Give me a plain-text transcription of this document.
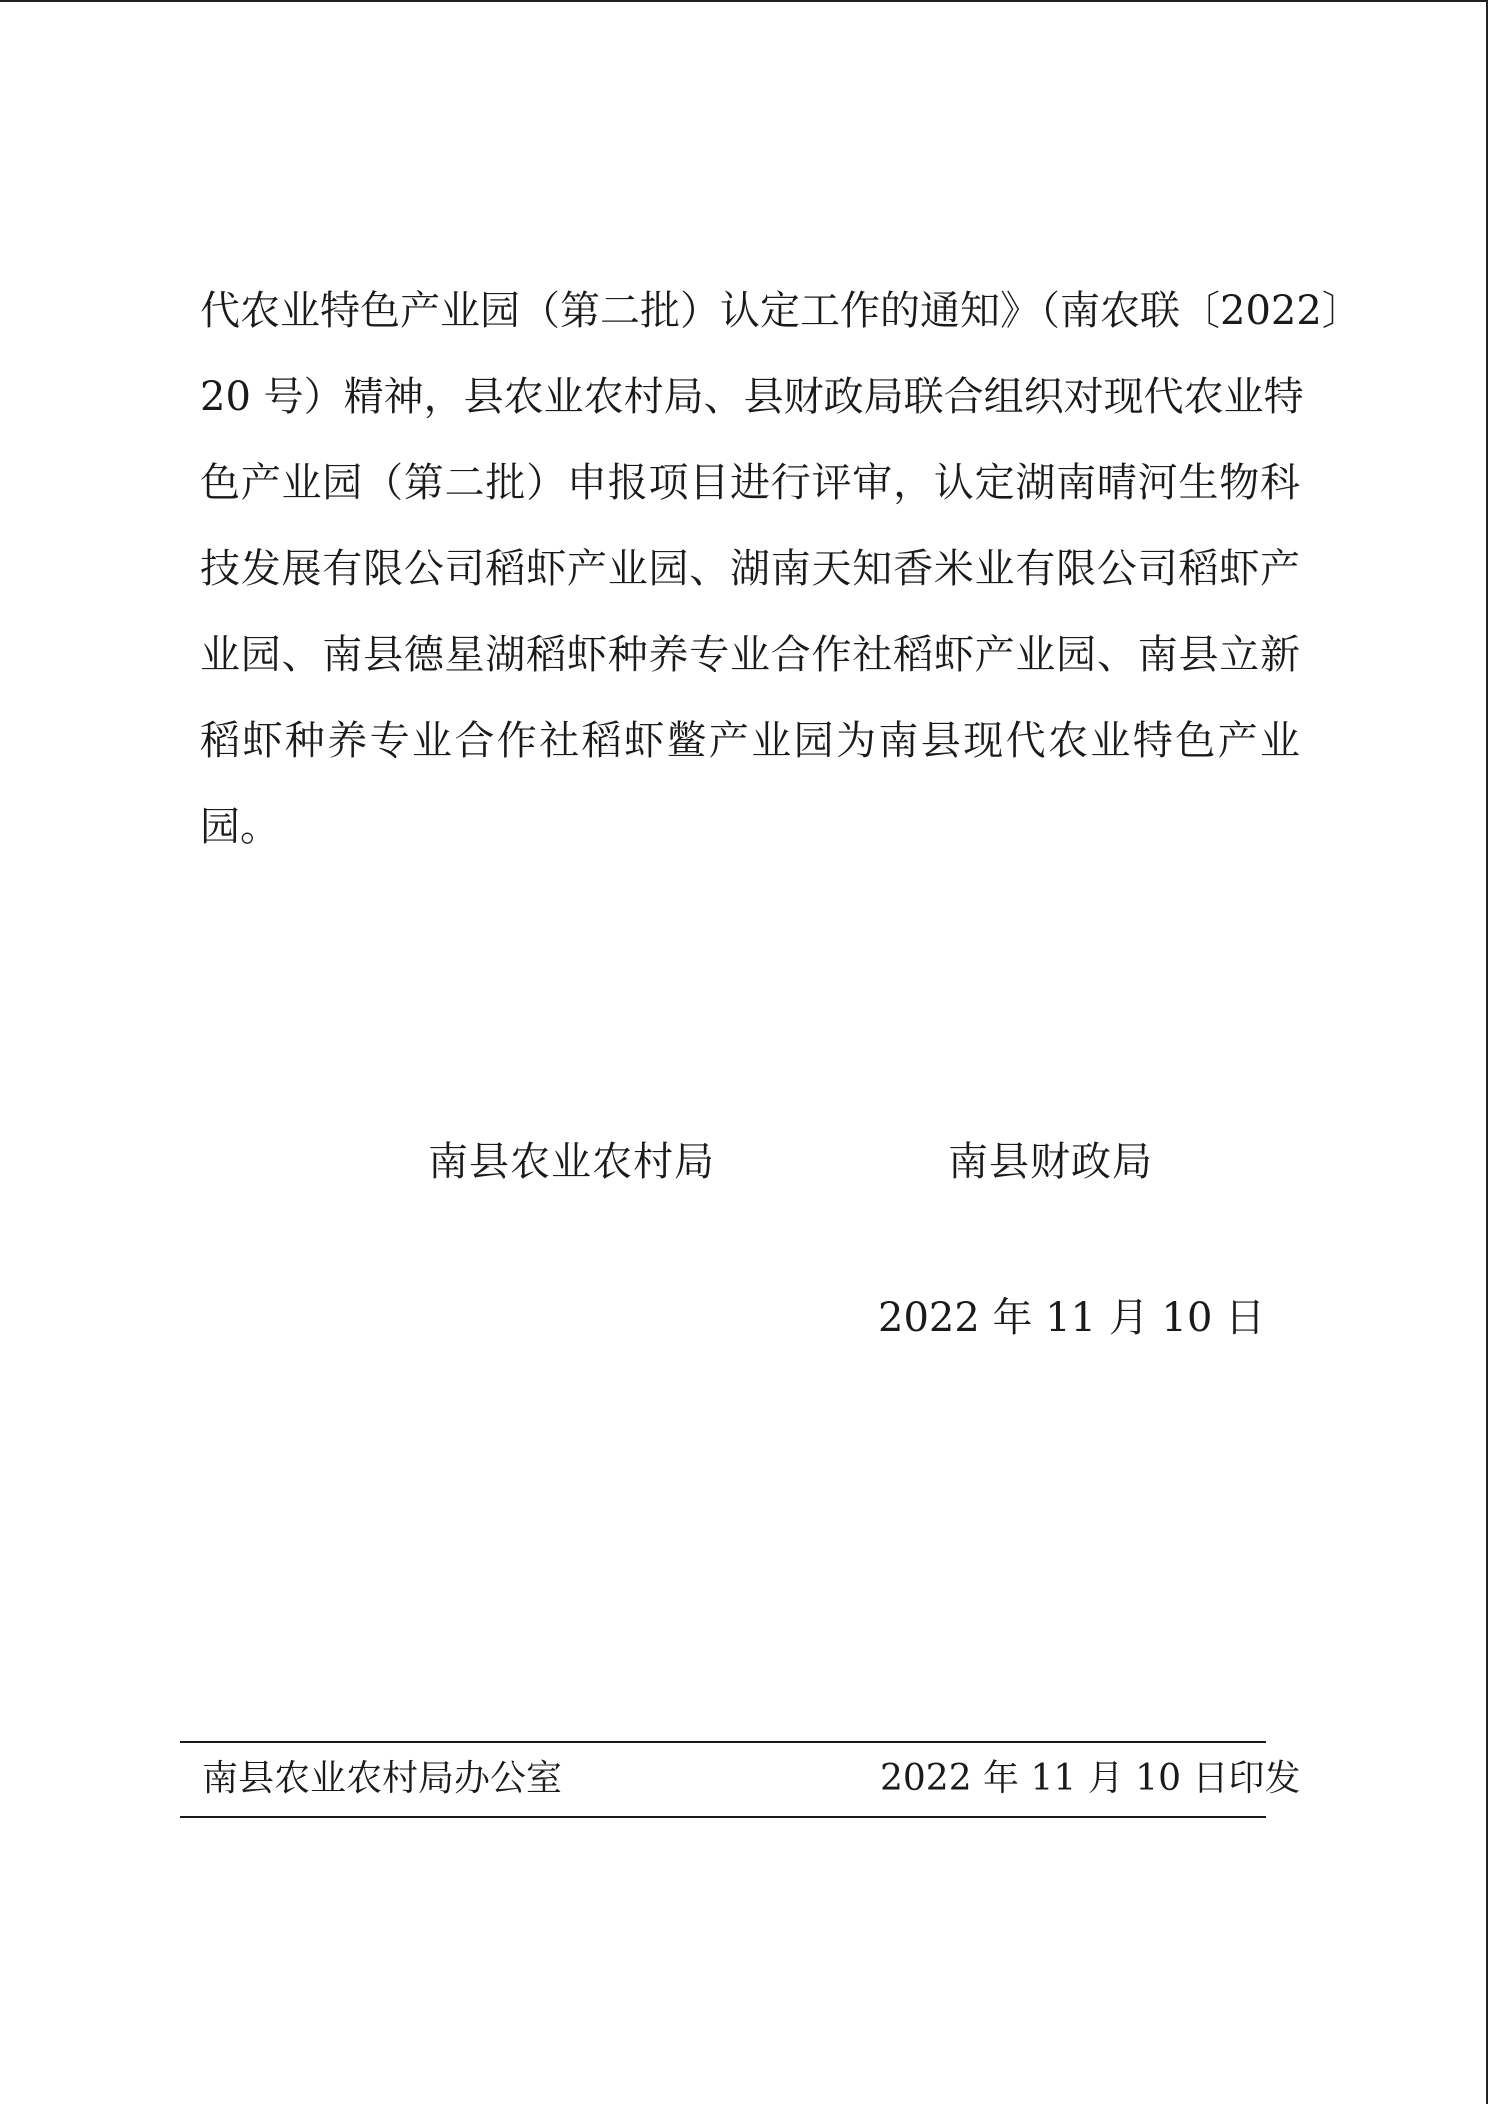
代农业特色产业园（第二批）认定工作的通知》（南农联〔2022〕
20 号）精神，县农业农村局、县财政局联合组织对现代农业特
色产业园（第二批）申报项目进行评审，认定湖南晴河生物科
技发展有限公司稻虾产业园、湖南天知香米业有限公司稻虾产
业园、南县德星湖稻虾种养专业合作社稻虾产业园、南县立新
稻虾种养专业合作社稻虾鳖产业园为南县现代农业特色产业
园。
南县农业农村局	南县财政局
2022 年 11 月 10 日
南县农业农村局办公室	2022 年 11 月 10 日印发
